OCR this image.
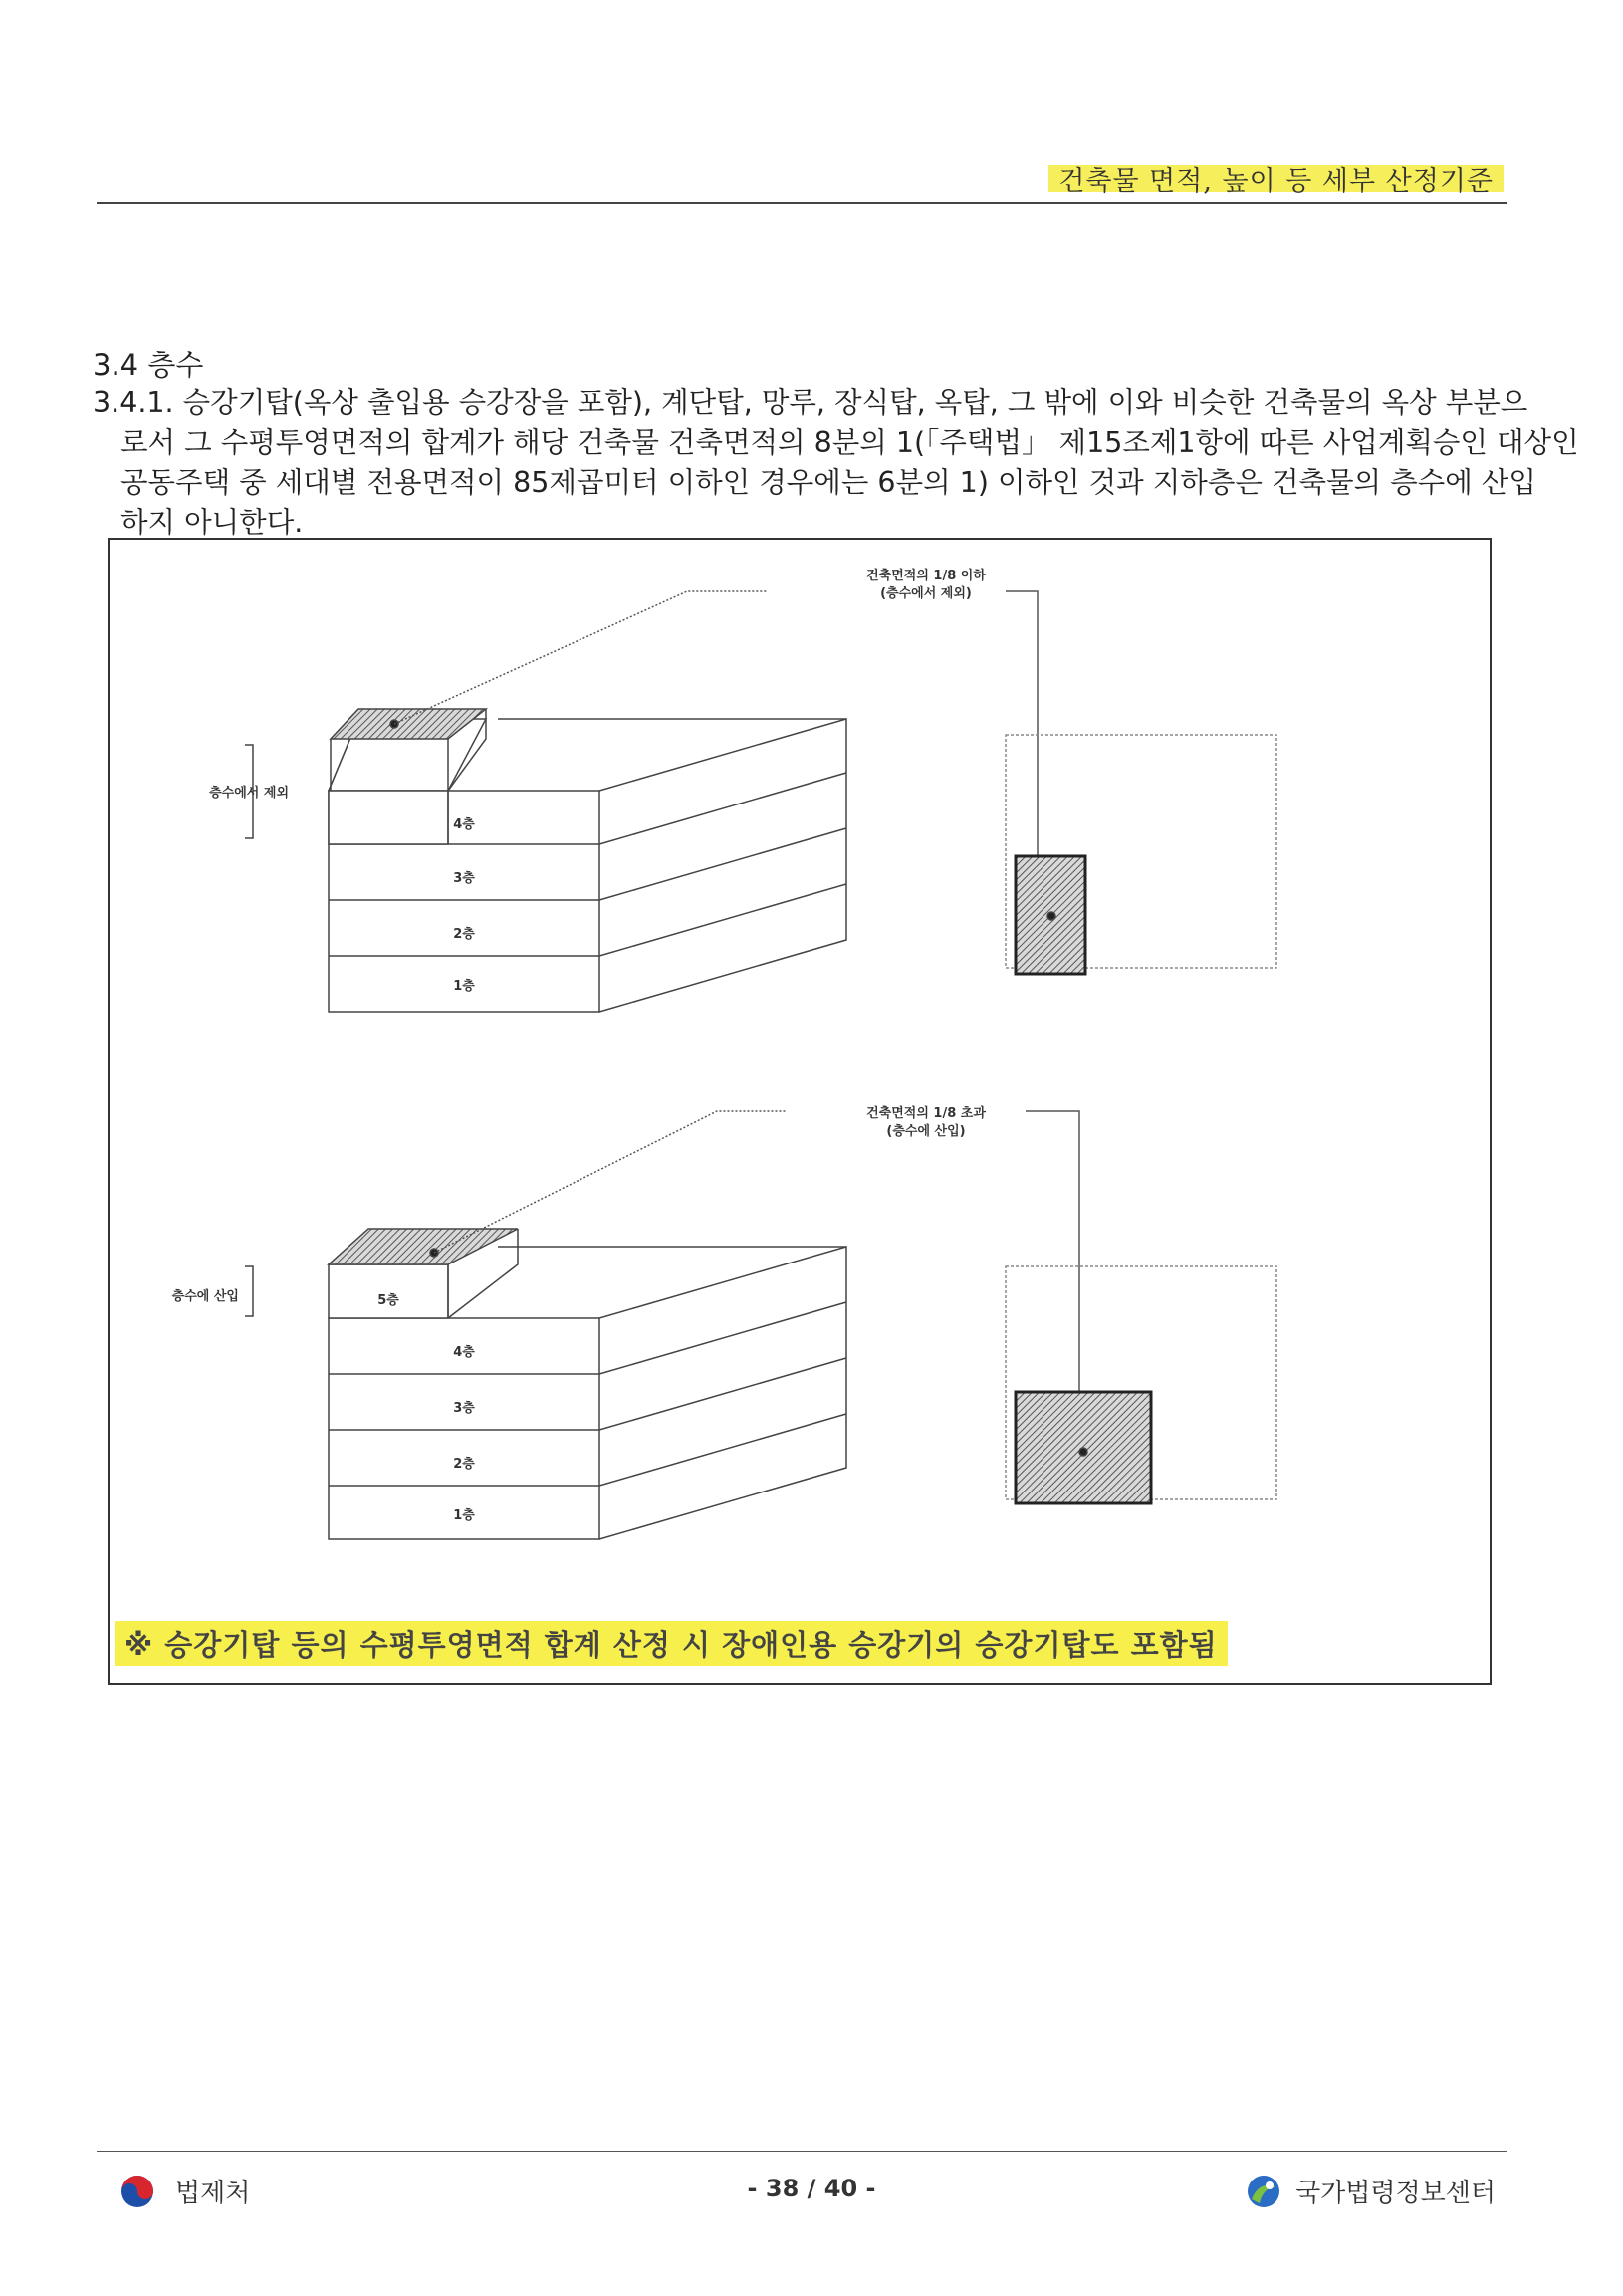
건축물 면적, 높이 등 세부 산정기준
3.4 층수
3.4.1. 승강기탑(옥상 출입용 승강장을 포함), 계단탑, 망루, 장식탑, 옥탑, 그 밖에 이와 비슷한 건축물의 옥상 부분으
로서 그 수평투영면적의 합계가 해당 건축물 건축면적의 8분의 1(「주택법」 제15조제1항에 따른 사업계획승인 대상인
공동주택 중 세대별 전용면적이 85제곱미터 이하인 경우에는 6분의 1) 이하인 것과 지하층은 건축물의 층수에 산입
하지 아니한다.
건축면적의 1/8 이하
(층수에서 제외)
층수에서 제외
4층
3층
2층
1층
건축면적의 1/8 초과
(층수에 산입)
층수에 산입	5층
4층
3층
2층
1층
※ 승강기탑 등의 수평투영면적 합계 산정 시 장애인용 승강기의 승강기탑도 포함됨
법제처	- 38 / 40 -	국가법령정보센터
